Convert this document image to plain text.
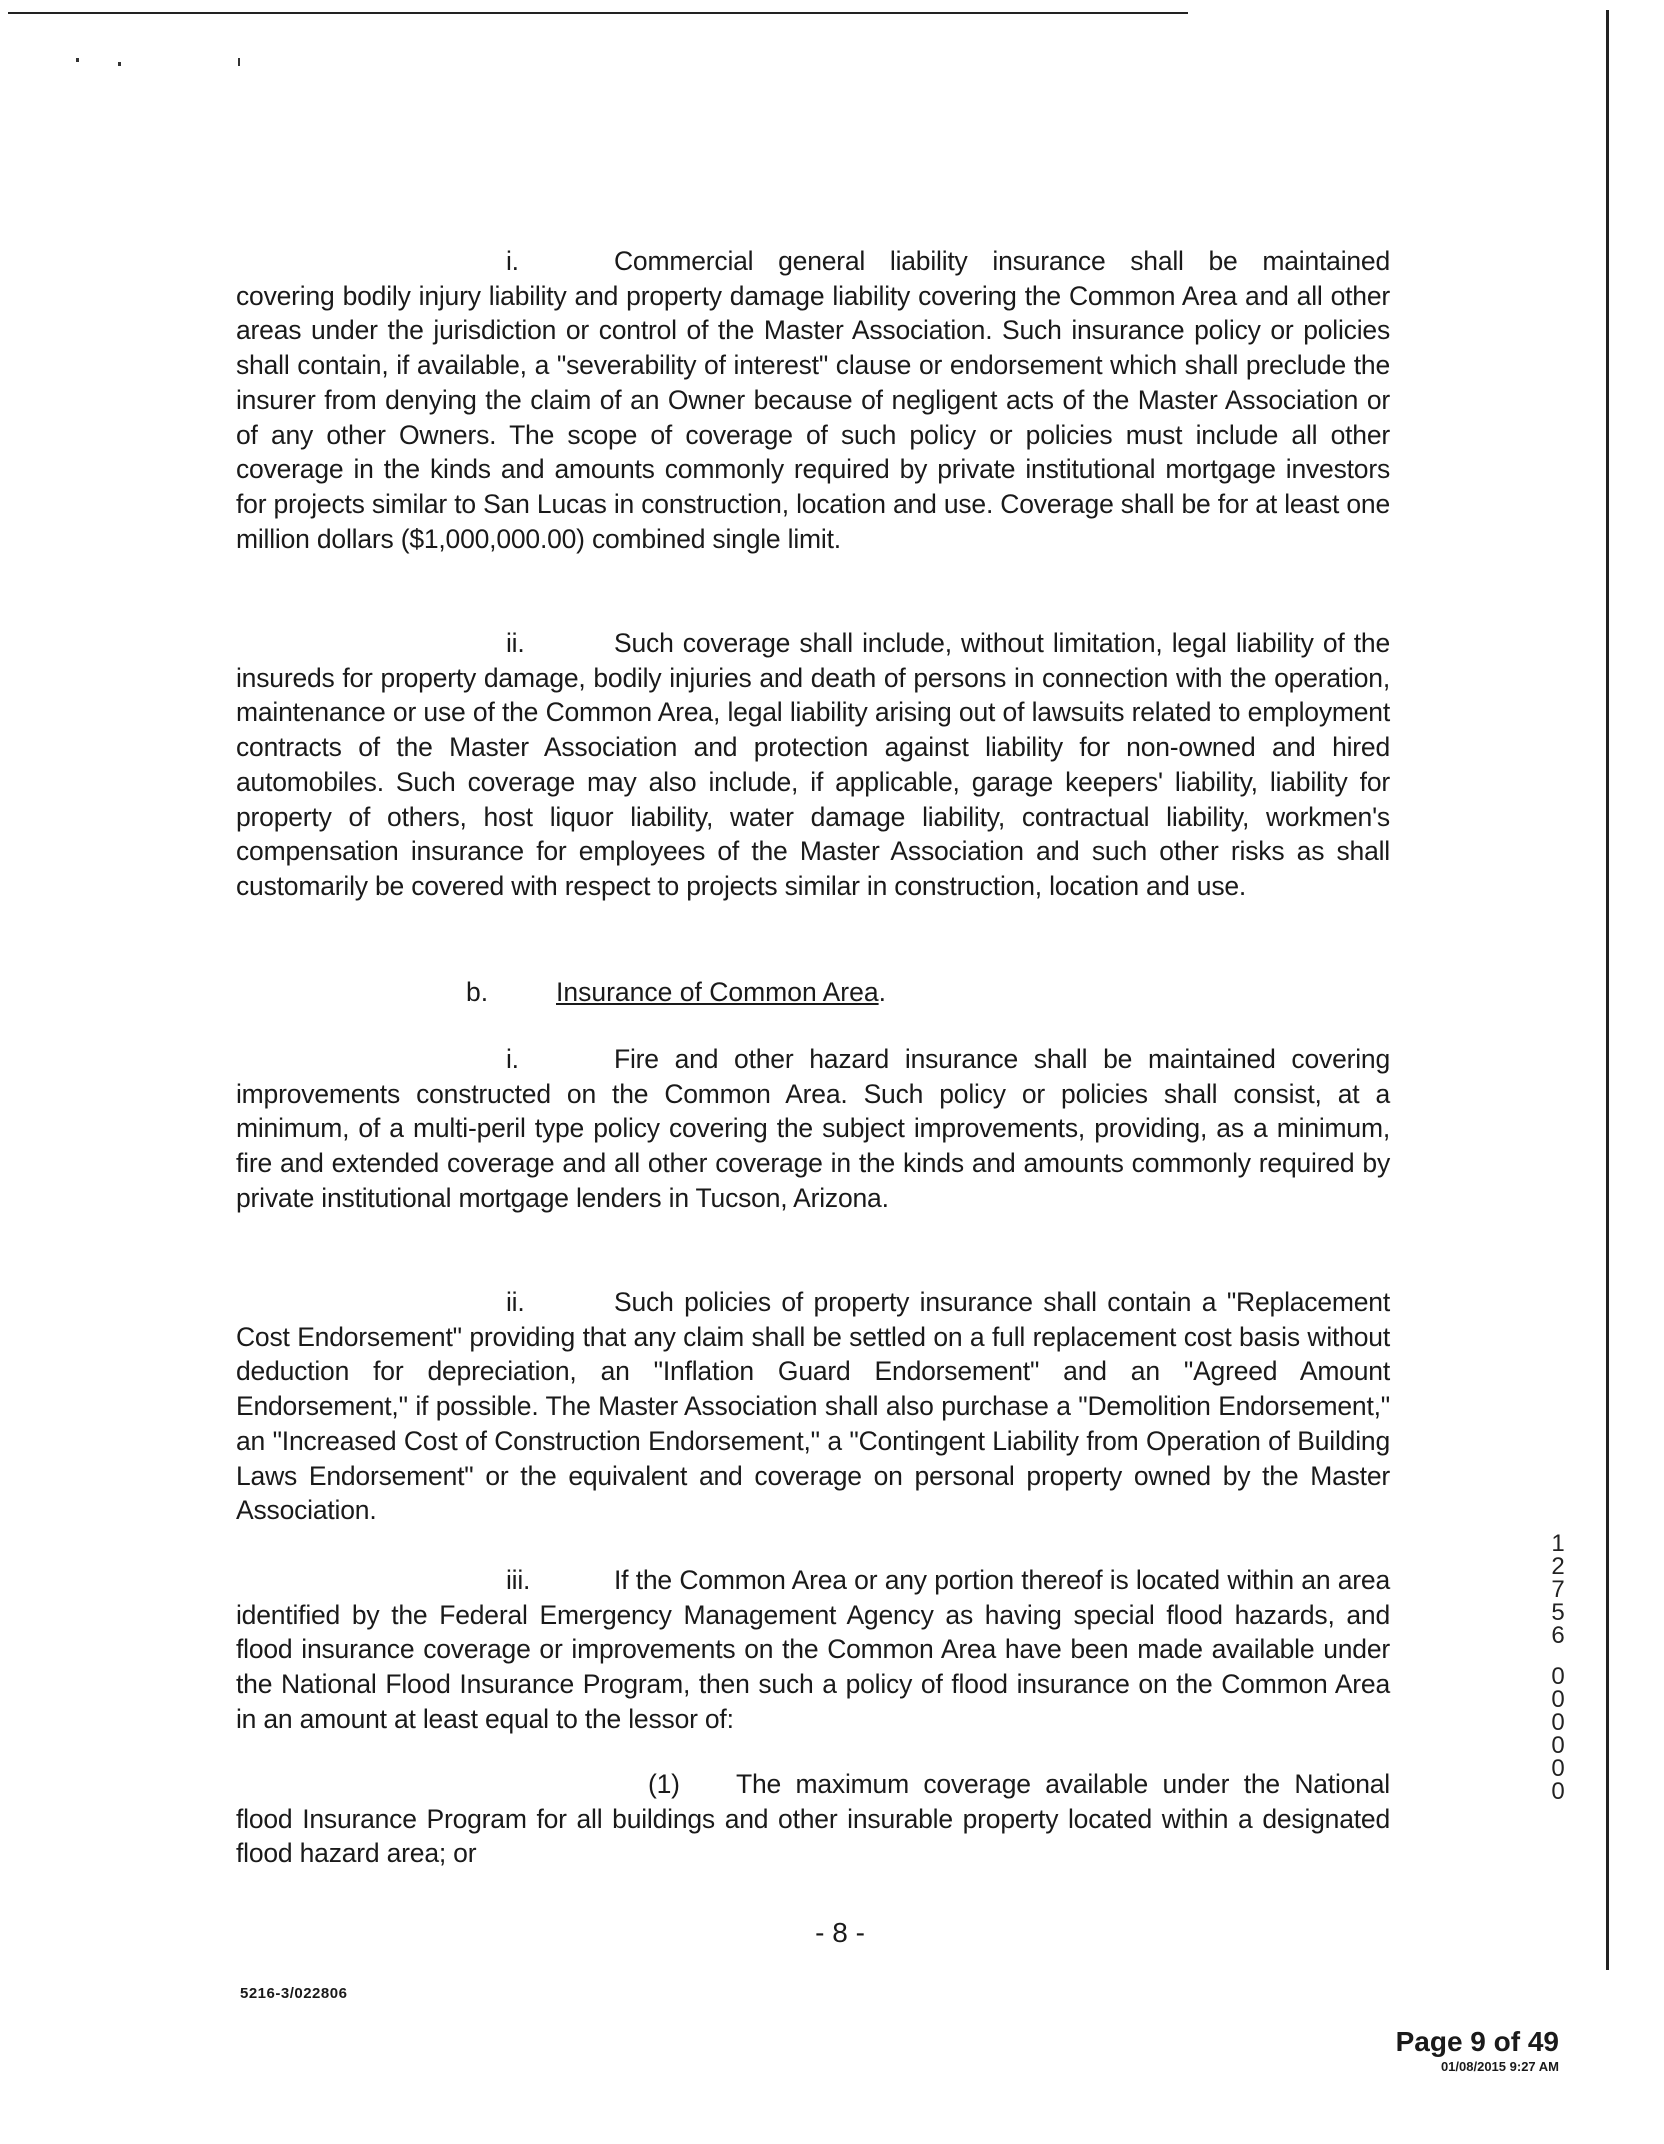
i.	Commercial general liability insurance shall be maintained covering bodily injury liability and property damage liability covering the Common Area and all other areas under the jurisdiction or control of the Master Association. Such insurance policy or policies shall contain, if available, a "severability of interest" clause or endorsement which shall preclude the insurer from denying the claim of an Owner because of negligent acts of the Master Association or of any other Owners. The scope of coverage of such policy or policies must include all other coverage in the kinds and amounts commonly required by private institutional mortgage investors for projects similar to San Lucas in construction, location and use. Coverage shall be for at least one million dollars ($1,000,000.00) combined single limit.

ii.	Such coverage shall include, without limitation, legal liability of the insureds for property damage, bodily injuries and death of persons in connection with the operation, maintenance or use of the Common Area, legal liability arising out of lawsuits related to employment contracts of the Master Association and protection against liability for non-owned and hired automobiles. Such coverage may also include, if applicable, garage keepers' liability, liability for property of others, host liquor liability, water damage liability, contractual liability, workmen's compensation insurance for employees of the Master Association and such other risks as shall customarily be covered with respect to projects similar in construction, location and use.

b.	Insurance of Common Area.

i.	Fire and other hazard insurance shall be maintained covering improvements constructed on the Common Area. Such policy or policies shall consist, at a minimum, of a multi-peril type policy covering the subject improvements, providing, as a minimum, fire and extended coverage and all other coverage in the kinds and amounts commonly required by private institutional mortgage lenders in Tucson, Arizona.

ii.	Such policies of property insurance shall contain a "Replacement Cost Endorsement" providing that any claim shall be settled on a full replacement cost basis without deduction for depreciation, an "Inflation Guard Endorsement" and an "Agreed Amount Endorsement," if possible. The Master Association shall also purchase a "Demolition Endorsement," an "Increased Cost of Construction Endorsement," a "Contingent Liability from Operation of Building Laws Endorsement" or the equivalent and coverage on personal property owned by the Master Association.

iii.	If the Common Area or any portion thereof is located within an area identified by the Federal Emergency Management Agency as having special flood hazards, and flood insurance coverage or improvements on the Common Area have been made available under the National Flood Insurance Program, then such a policy of flood insurance on the Common Area in an amount at least equal to the lessor of:

(1) The maximum coverage available under the National flood Insurance Program for all buildings and other insurable property located within a designated flood hazard area; or

1
2
7
5
6
0
0
0
0
0
0
- 8 -
5216-3/022806
Page 9 of 49
01/08/2015 9:27 AM
